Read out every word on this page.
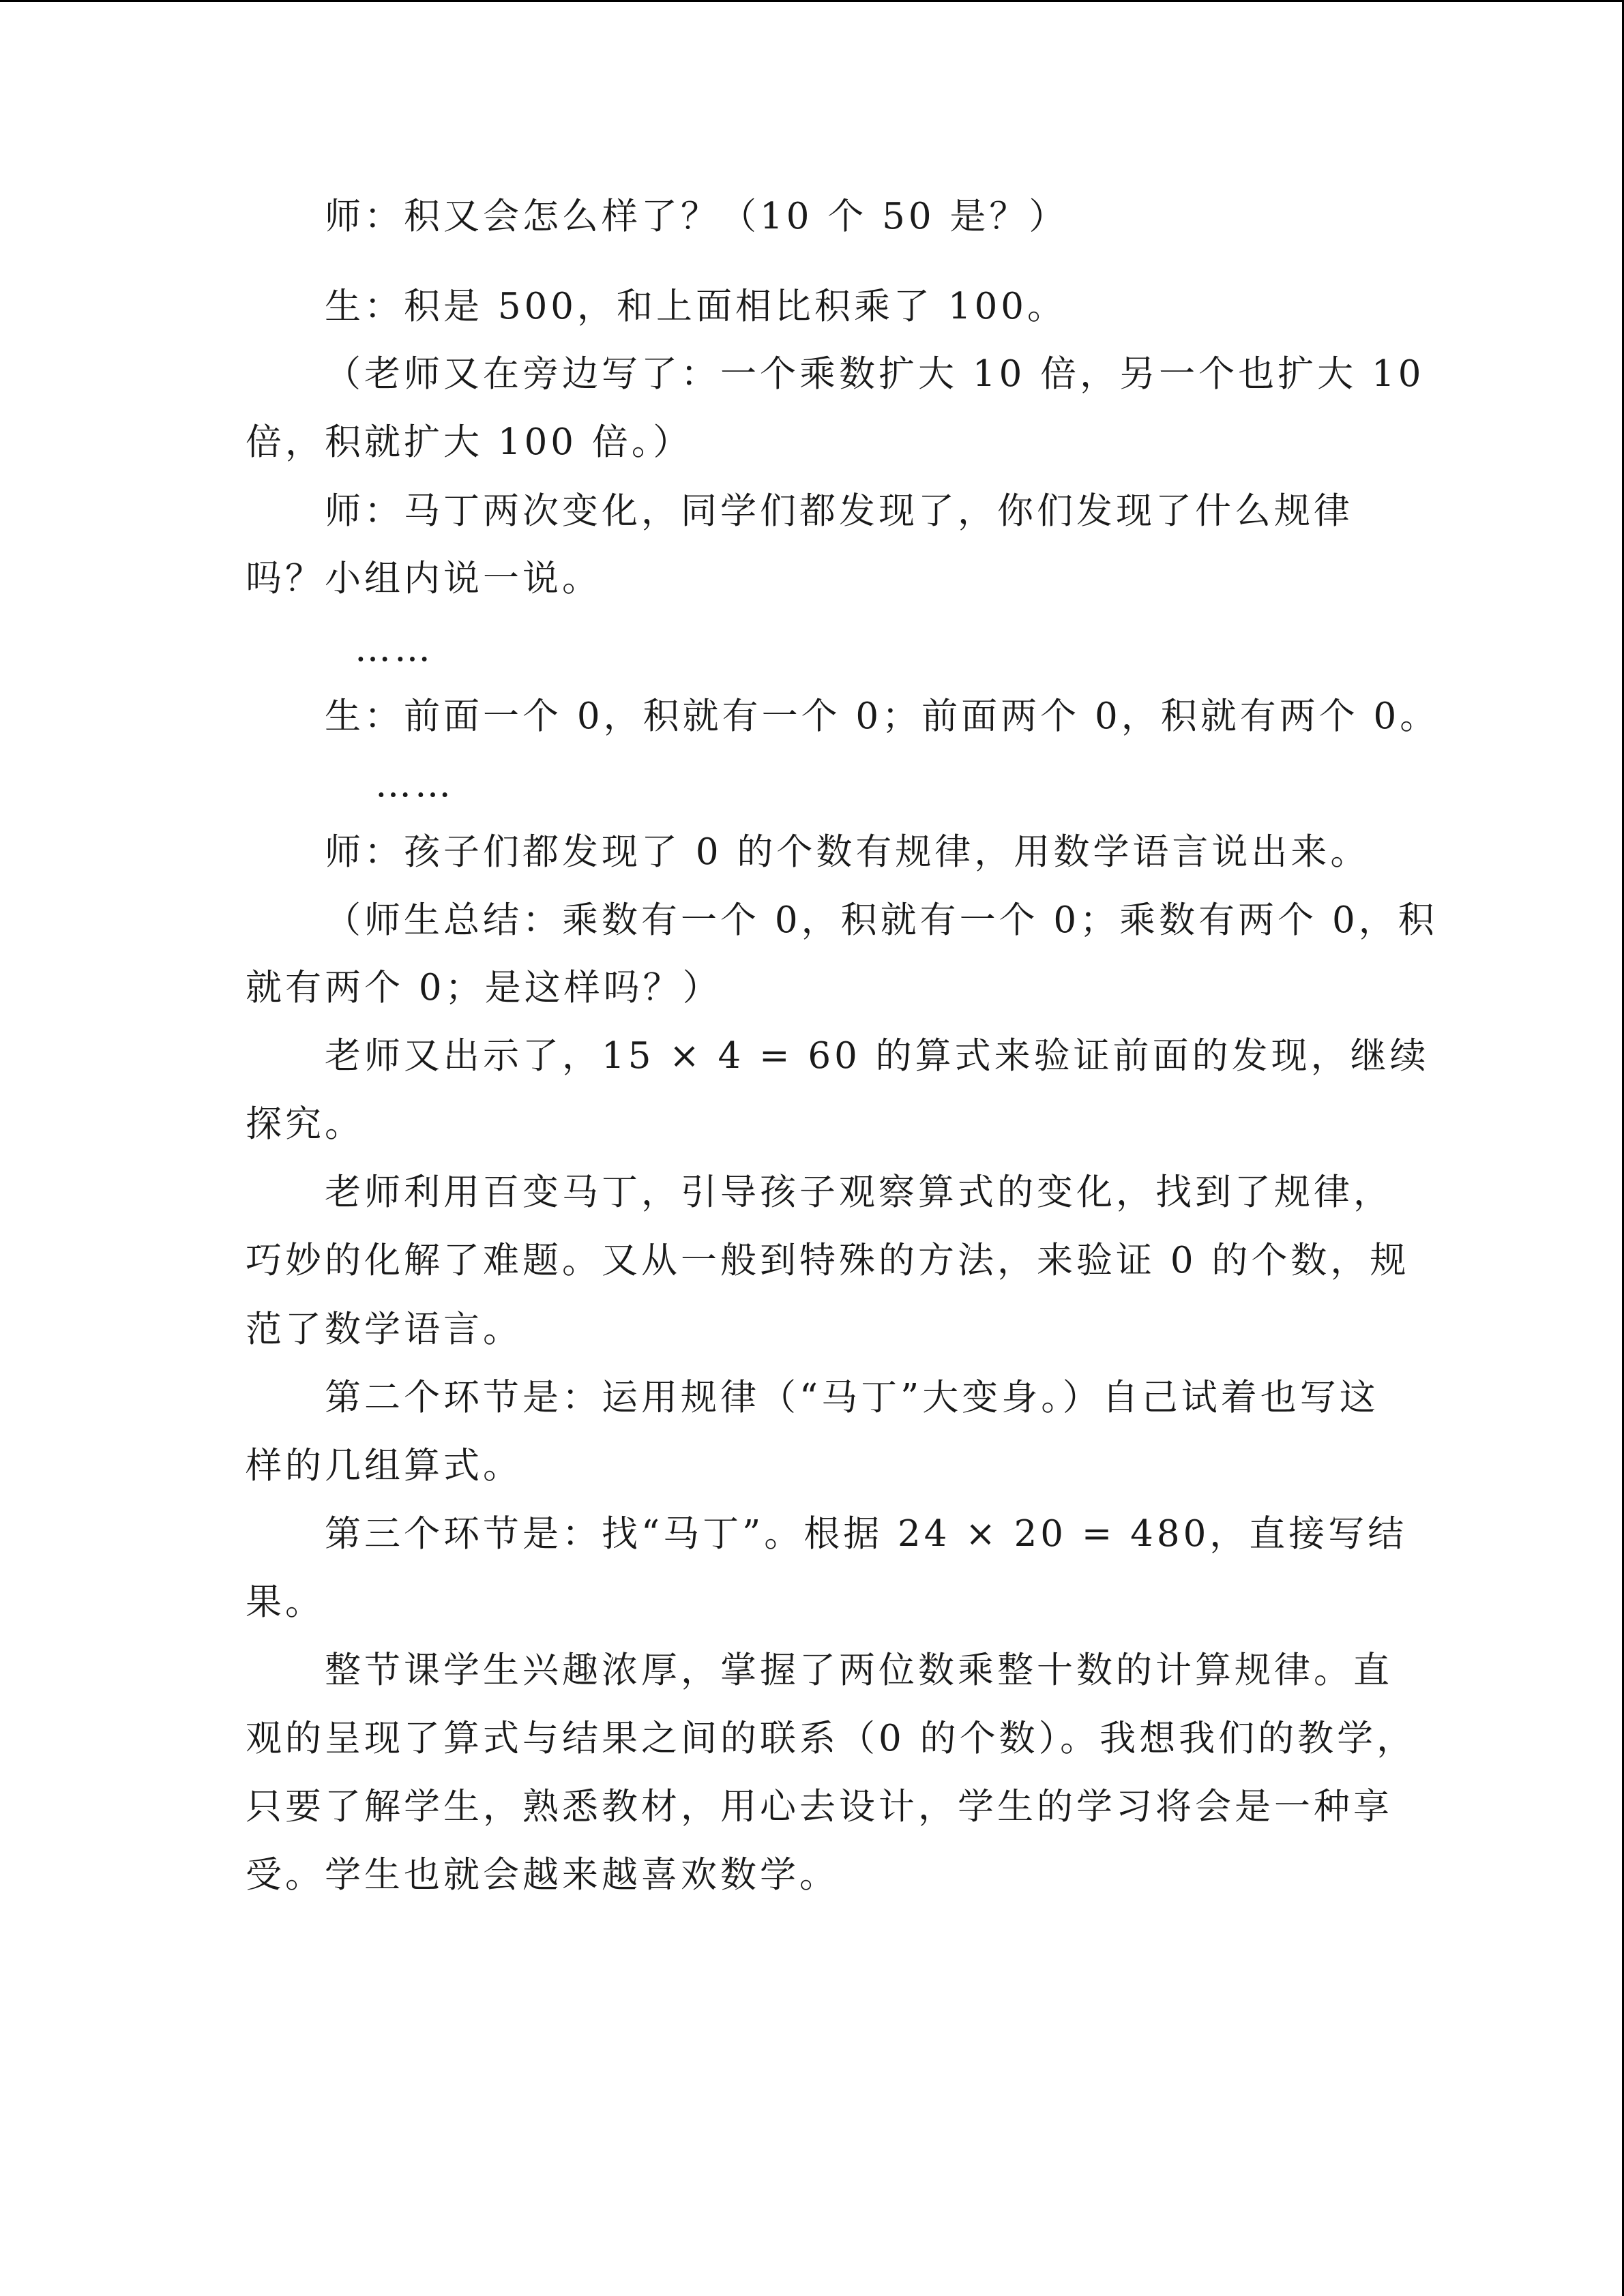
师：积又会怎么样了？（10 个 50 是？）
生：积是 500，和上面相比积乘了 100。
（老师又在旁边写了：一个乘数扩大 10 倍，另一个也扩大 10
倍，积就扩大 100 倍。）
师：马丁两次变化，同学们都发现了，你们发现了什么规律
吗？小组内说一说。
……
生：前面一个 0，积就有一个 0；前面两个 0，积就有两个 0。
……
师：孩子们都发现了 0 的个数有规律，用数学语言说出来。
（师生总结：乘数有一个 0，积就有一个 0；乘数有两个 0，积
就有两个 0；是这样吗？）
老师又出示了，15 × 4 = 60 的算式来验证前面的发现，继续
探究。
老师利用百变马丁，引导孩子观察算式的变化，找到了规律，
巧妙的化解了难题。又从一般到特殊的方法，来验证 0 的个数，规
范了数学语言。
第二个环节是：运用规律（“马丁”大变身。）自己试着也写这
样的几组算式。
第三个环节是：找“马丁”。根据 24 × 20 = 480，直接写结
果。
整节课学生兴趣浓厚，掌握了两位数乘整十数的计算规律。直
观的呈现了算式与结果之间的联系（0 的个数）。我想我们的教学，
只要了解学生，熟悉教材，用心去设计，学生的学习将会是一种享
受。学生也就会越来越喜欢数学。
